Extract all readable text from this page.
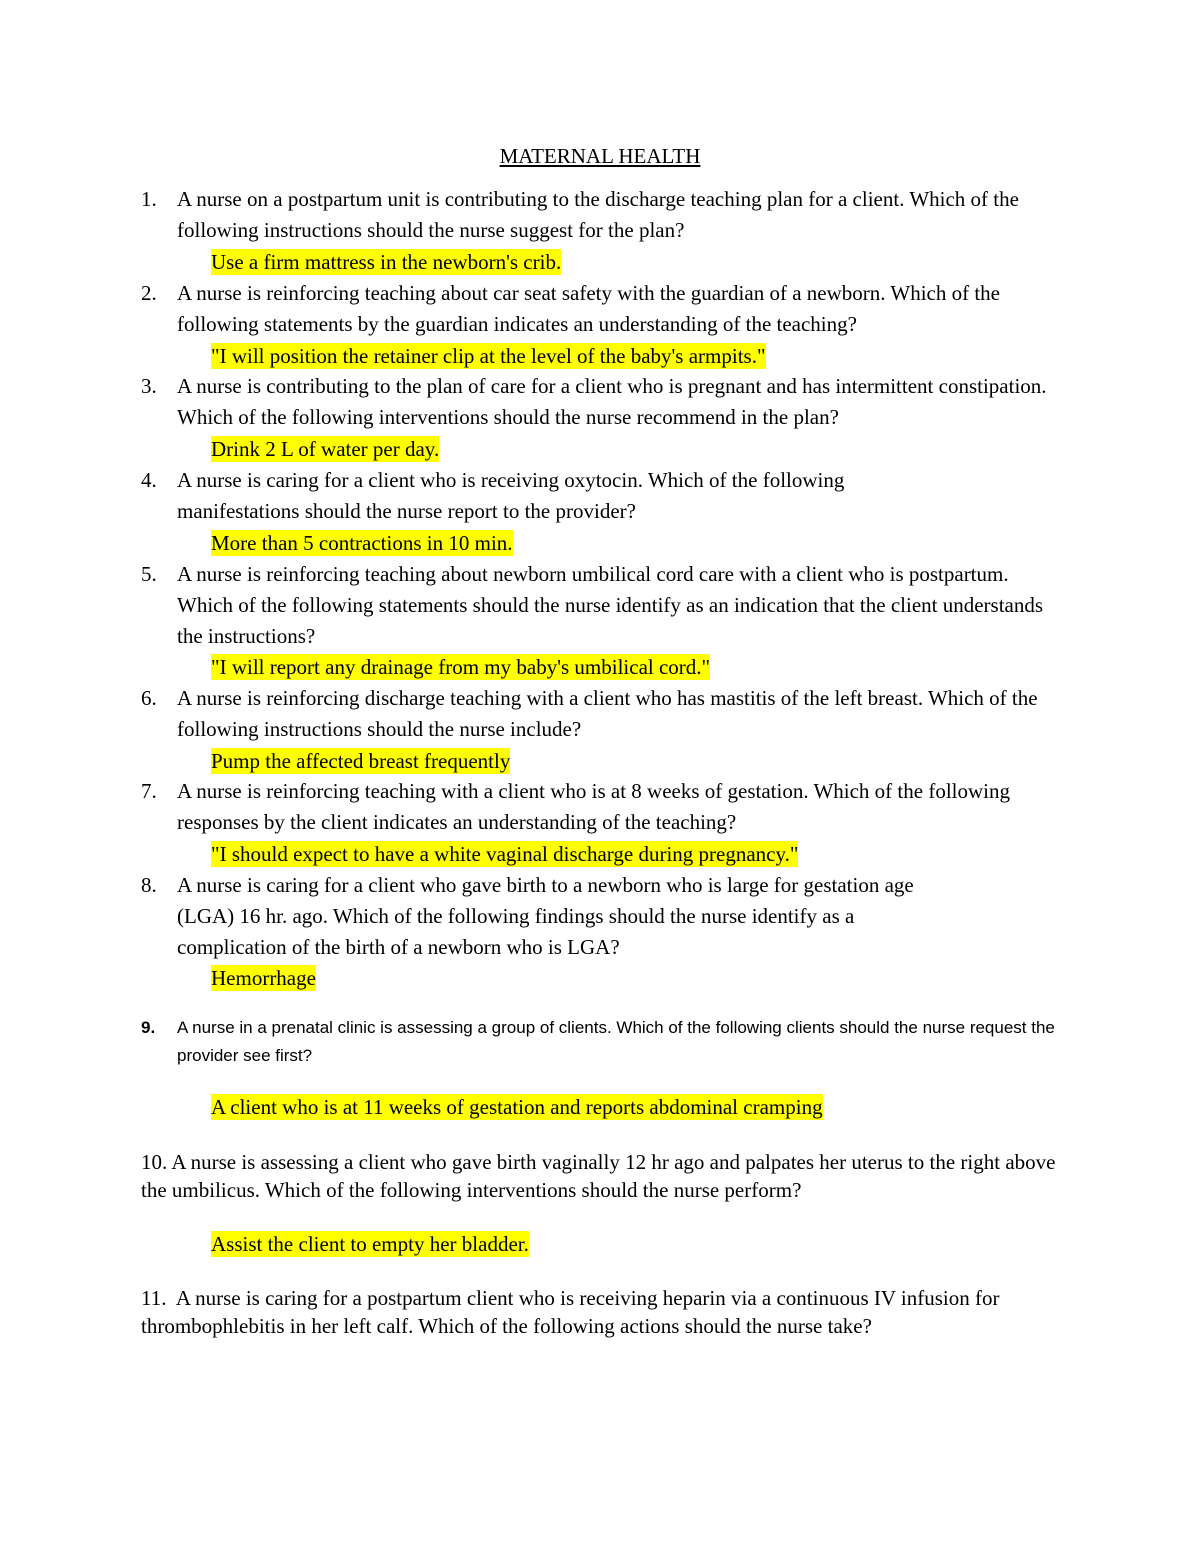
MATERNAL HEALTH
1. A nurse on a postpartum unit is contributing to the discharge teaching plan for a client. Which of the following instructions should the nurse suggest for the plan?
Use a firm mattress in the newborn's crib.
2. A nurse is reinforcing teaching about car seat safety with the guardian of a newborn. Which of the following statements by the guardian indicates an understanding of the teaching?
"I will position the retainer clip at the level of the baby's armpits."
3. A nurse is contributing to the plan of care for a client who is pregnant and has intermittent constipation. Which of the following interventions should the nurse recommend in the plan?
Drink 2 L of water per day.
4. A nurse is caring for a client who is receiving oxytocin. Which of the following manifestations should the nurse report to the provider?
More than 5 contractions in 10 min.
5. A nurse is reinforcing teaching about newborn umbilical cord care with a client who is postpartum. Which of the following statements should the nurse identify as an indication that the client understands the instructions?
"I will report any drainage from my baby's umbilical cord."
6. A nurse is reinforcing discharge teaching with a client who has mastitis of the left breast. Which of the following instructions should the nurse include?
Pump the affected breast frequently
7. A nurse is reinforcing teaching with a client who is at 8 weeks of gestation. Which of the following responses by the client indicates an understanding of the teaching?
"I should expect to have a white vaginal discharge during pregnancy."
8. A nurse is caring for a client who gave birth to a newborn who is large for gestation age (LGA) 16 hr. ago. Which of the following findings should the nurse identify as a complication of the birth of a newborn who is LGA?
Hemorrhage
9. A nurse in a prenatal clinic is assessing a group of clients. Which of the following clients should the nurse request the provider see first?
A client who is at 11 weeks of gestation and reports abdominal cramping
10. A nurse is assessing a client who gave birth vaginally 12 hr ago and palpates her uterus to the right above the umbilicus. Which of the following interventions should the nurse perform?
Assist the client to empty her bladder.
11. A nurse is caring for a postpartum client who is receiving heparin via a continuous IV infusion for thrombophlebitis in her left calf. Which of the following actions should the nurse take?
